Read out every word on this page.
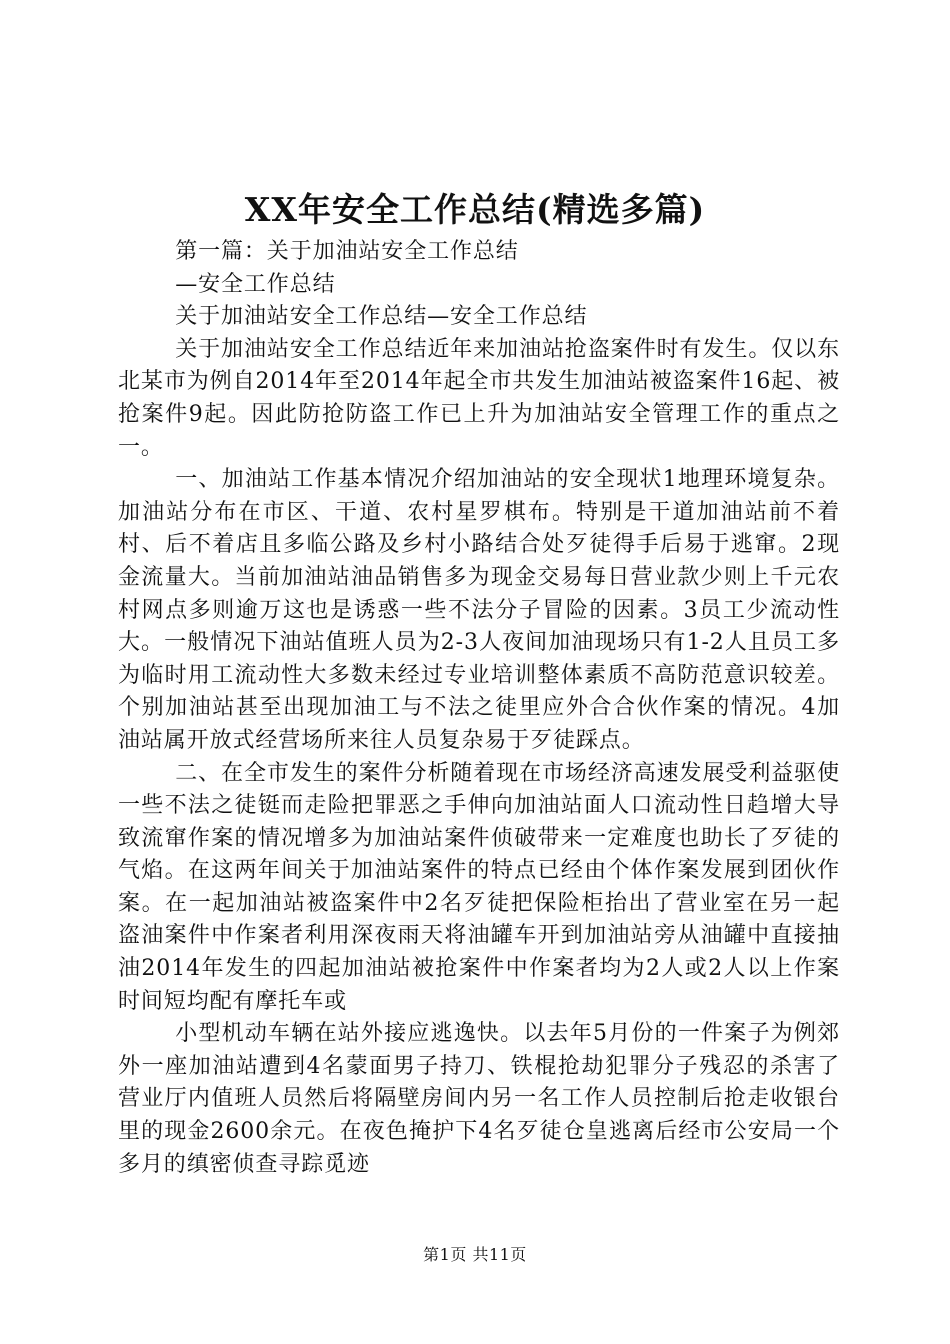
XX年安全工作总结(精选多篇)

第一篇：关于加油站安全工作总结

—安全工作总结

关于加油站安全工作总结—安全工作总结

关于加油站安全工作总结近年来加油站抢盗案件时有发生。仅以东北某市为例自2014年至2014年起全市共发生加油站被盗案件16起、被抢案件9起。因此防抢防盗工作已上升为加油站安全管理工作的重点之一。

一、加油站工作基本情况介绍加油站的安全现状1地理环境复杂。加油站分布在市区、干道、农村星罗棋布。特别是干道加油站前不着村、后不着店且多临公路及乡村小路结合处歹徒得手后易于逃窜。2现金流量大。当前加油站油品销售多为现金交易每日营业款少则上千元农村网点多则逾万这也是诱惑一些不法分子冒险的因素。3员工少流动性大。一般情况下油站值班人员为2-3人夜间加油现场只有1-2人且员工多为临时用工流动性大多数未经过专业培训整体素质不高防范意识较差。个别加油站甚至出现加油工与不法之徒里应外合合伙作案的情况。4加油站属开放式经营场所来往人员复杂易于歹徒踩点。

二、在全市发生的案件分析随着现在市场经济高速发展受利益驱使一些不法之徒铤而走险把罪恶之手伸向加油站面人口流动性日趋增大导致流窜作案的情况增多为加油站案件侦破带来一定难度也助长了歹徒的气焰。在这两年间关于加油站案件的特点已经由个体作案发展到团伙作案。在一起加油站被盗案件中2名歹徒把保险柜抬出了营业室在另一起盗油案件中作案者利用深夜雨天将油罐车开到加油站旁从油罐中直接抽油2014年发生的四起加油站被抢案件中作案者均为2人或2人以上作案时间短均配有摩托车或

小型机动车辆在站外接应逃逸快。以去年5月份的一件案子为例郊外一座加油站遭到4名蒙面男子持刀、铁棍抢劫犯罪分子残忍的杀害了营业厅内值班人员然后将隔壁房间内另一名工作人员控制后抢走收银台里的现金2600余元。在夜色掩护下4名歹徒仓皇逃离后经市公安局一个多月的缜密侦查寻踪觅迹

第1页 共11页
